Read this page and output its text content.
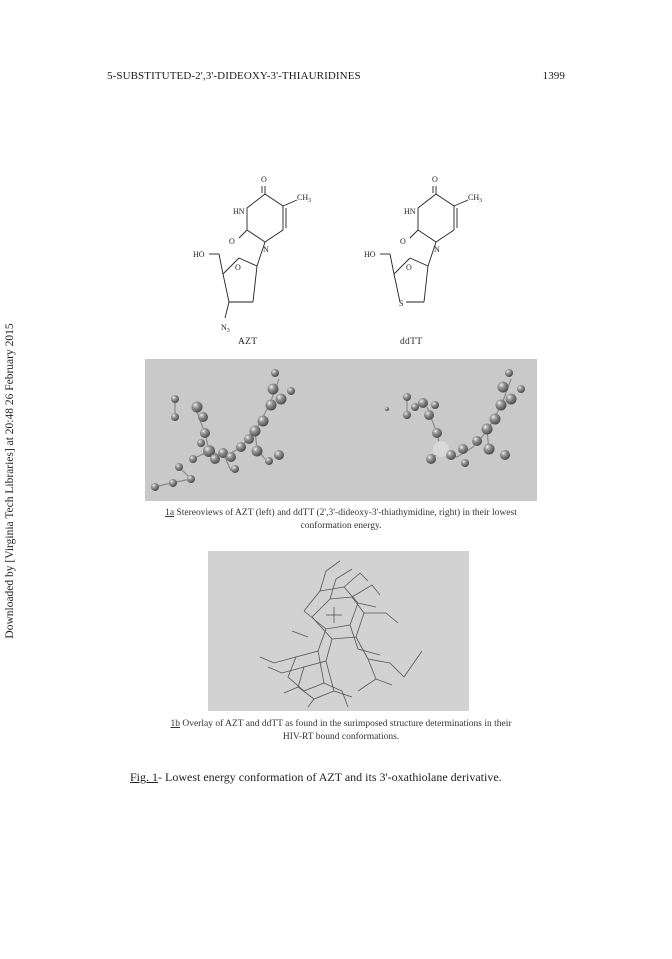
5-SUBSTITUTED-2',3'-DIDEOXY-3'-THIAURIDINES	1399
Downloaded by [Virginia Tech Libraries] at 20:48 26 February 2015
O
HN
$CH_3$
O
N
HO
O
$N_3$
AZT
O
HN
$CH_3$
O
N
HO
O
S
ddTT
1a Stereoviews of AZT (left) and ddTT (2',3'-dideoxy-3'-thiathymidine, right) in their lowest
conformation energy.
1b Overlay of AZT and ddTT as found in the surimposed structure determinations in their
HIV-RT bound conformations.
Fig. 1- Lowest energy conformation of AZT and its 3'-oxathiolane derivative.
